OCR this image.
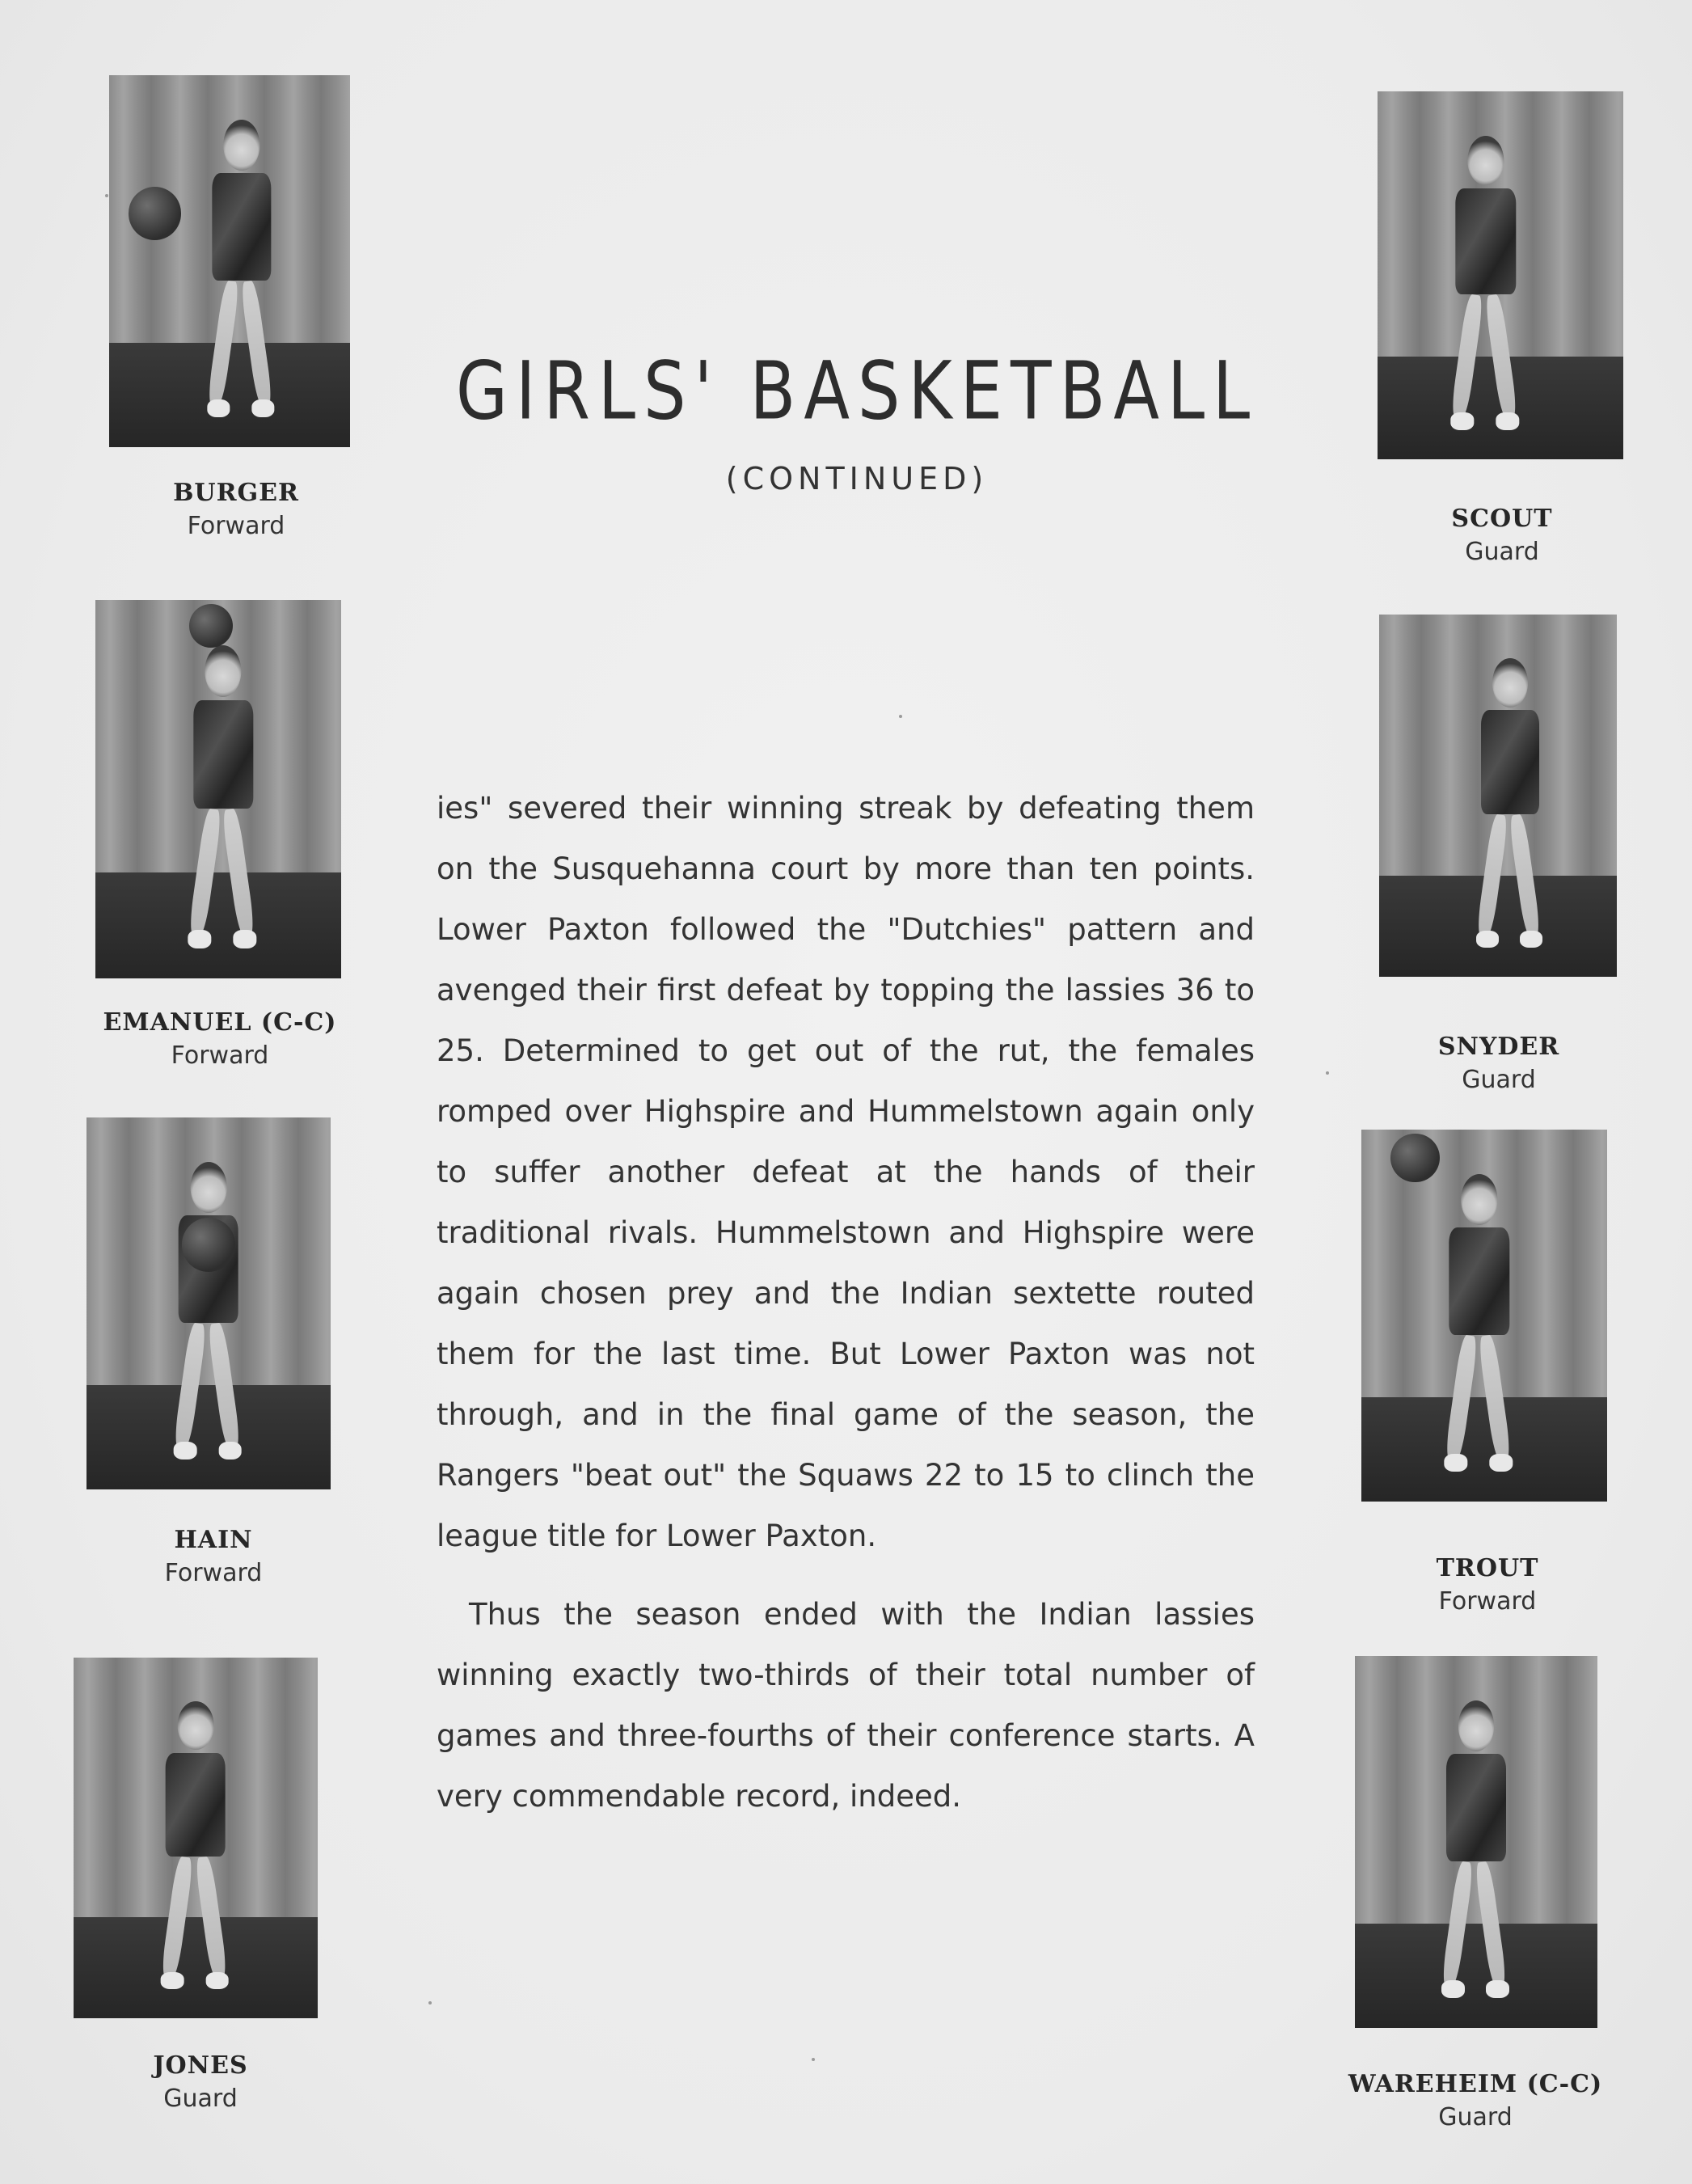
GIRLS' BASKETBALL
(CONTINUED)

ies" severed their winning streak by defeating them on the Susquehanna court by more than ten points. Lower Paxton followed the "Dutchies" pattern and avenged their first defeat by topping the lassies 36 to 25. Determined to get out of the rut, the females romped over Highspire and Hummelstown again only to suffer another defeat at the hands of their traditional rivals. Hummelstown and Highspire were again chosen prey and the Indian sextette routed them for the last time. But Lower Paxton was not through, and in the final game of the season, the Rangers "beat out" the Squaws 22 to 15 to clinch the league title for Lower Paxton.

Thus the season ended with the Indian lassies winning exactly two-thirds of their total number of games and three-fourths of their conference starts. A very commendable record, indeed.

BURGER
Forward
EMANUEL (C-C)
Forward
HAIN
Forward
JONES
Guard
SCOUT
Guard
SNYDER
Guard
TROUT
Forward
WAREHEIM (C-C)
Guard
